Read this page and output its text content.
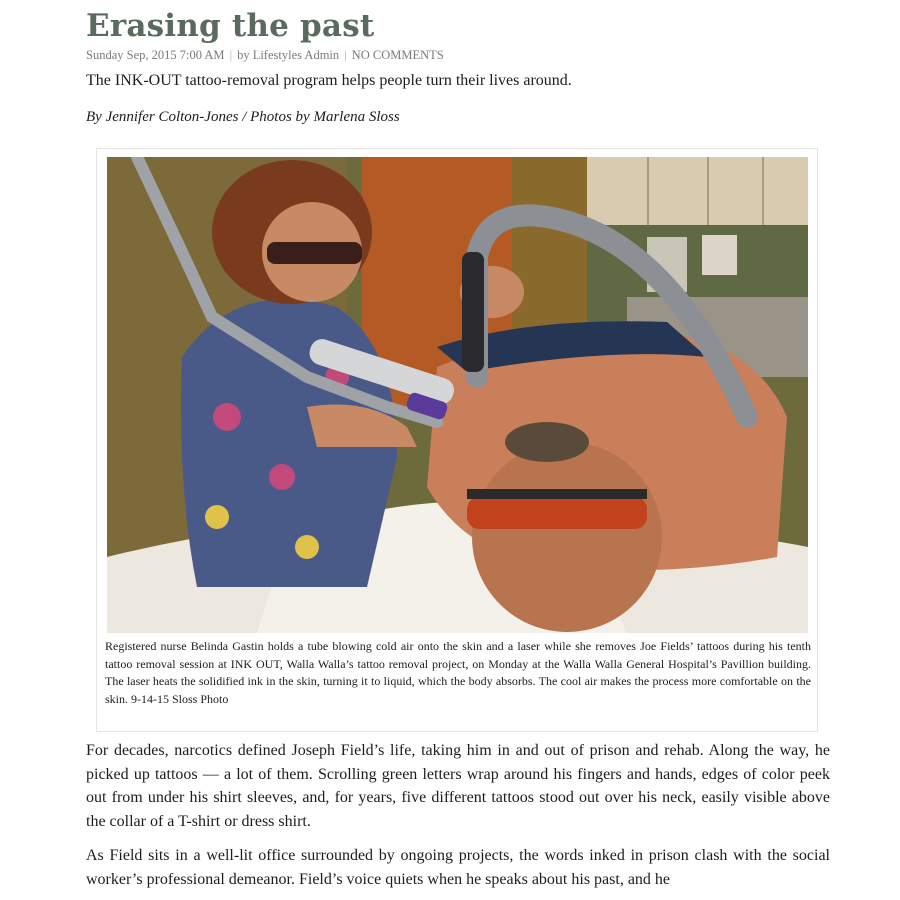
Erasing the past
Sunday Sep, 2015 7:00 AM | by Lifestyles Admin | NO COMMENTS
The INK-OUT tattoo-removal program helps people turn their lives around.
By Jennifer Colton-Jones / Photos by Marlena Sloss
Registered nurse Belinda Gastin holds a tube blowing cold air onto the skin and a laser while she removes Joe Fields’ tattoos during his tenth tattoo removal session at INK OUT, Walla Walla’s tattoo removal project, on Monday at the Walla Walla General Hospital’s Pavillion building. The laser heats the solidified ink in the skin, turning it to liquid, which the body absorbs. The cool air makes the process more comfortable on the skin. 9-14-15 Sloss Photo

For decades, narcotics defined Joseph Field’s life, taking him in and out of prison and rehab. Along the way, he picked up tattoos — a lot of them. Scrolling green letters wrap around his fingers and hands, edges of color peek out from under his shirt sleeves, and, for years, five different tattoos stood out over his neck, easily visible above the collar of a T-shirt or dress shirt.

As Field sits in a well-lit office surrounded by ongoing projects, the words inked in prison clash with the social worker’s professional demeanor. Field’s voice quiets when he speaks about his past, and he
